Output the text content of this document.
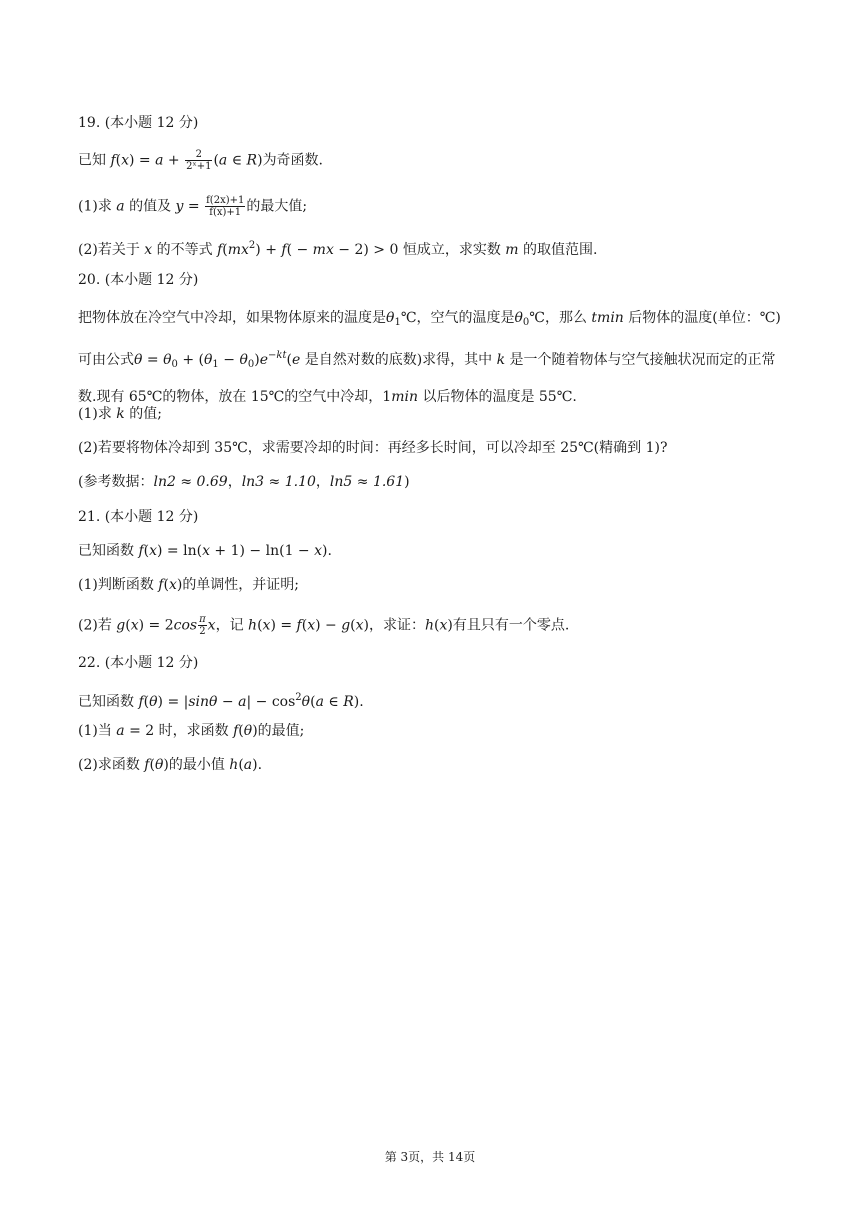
19. (本小题 12 分)
已知 $f(x) = a + \frac{2}{\text{2ˣ+1}} (a$ ∈ R)为奇函数.
(1)求 a 的值及 $y = \frac{f(2x)+1}{f(x)+1}$ 的最大值;
(2)若关于 x 的不等式 $f(mx^2) + f$( − mx − 2) > 0 恒成立，求实数 m 的取值范围.
20. (本小题 12 分)
把物体放在冷空气中冷却，如果物体原来的温度是$\theta_1℃$，空气的温度是$\theta_0℃$，那么 tmin 后物体的温度(单位：℃)可由公式$\theta = \theta_0 + (\theta_1 - \theta_0)e^{-kt}(e$ 是自然对数的底数)求得，其中 k 是一个随着物体与空气接触状况而定的正常数.现有 65℃的物体，放在 15℃的空气中冷却，1min 以后物体的温度是 55℃.
(1)求 k 的值;
(2)若要将物体冷却到 35℃，求需要冷却的时间：再经多长时间，可以冷却至 25℃(精确到 1)?
(参考数据：ln2 ≈ 0.69，ln3 ≈ 1.10，ln5 ≈ 1.61)
21. (本小题 12 分)
已知函数 f(x) = ln(x + 1) − ln(1 − x).
(1)判断函数 f(x)的单调性，并证明;
(2)若 $g(x) = 2\cos \frac{\pi}{2}$ x，记 h(x) = f(x) − g(x)，求证：h(x)有且只有一个零点.
22. (本小题 12 分)
已知函数 $f(\theta) = |\sin\theta - a| - \cos^2\theta(a$ ∈ R).
(1)当 a = 2 时，求函数 f(θ)的最值;
(2)求函数 f(θ)的最小值 h(a).
第 3页，共 14页
